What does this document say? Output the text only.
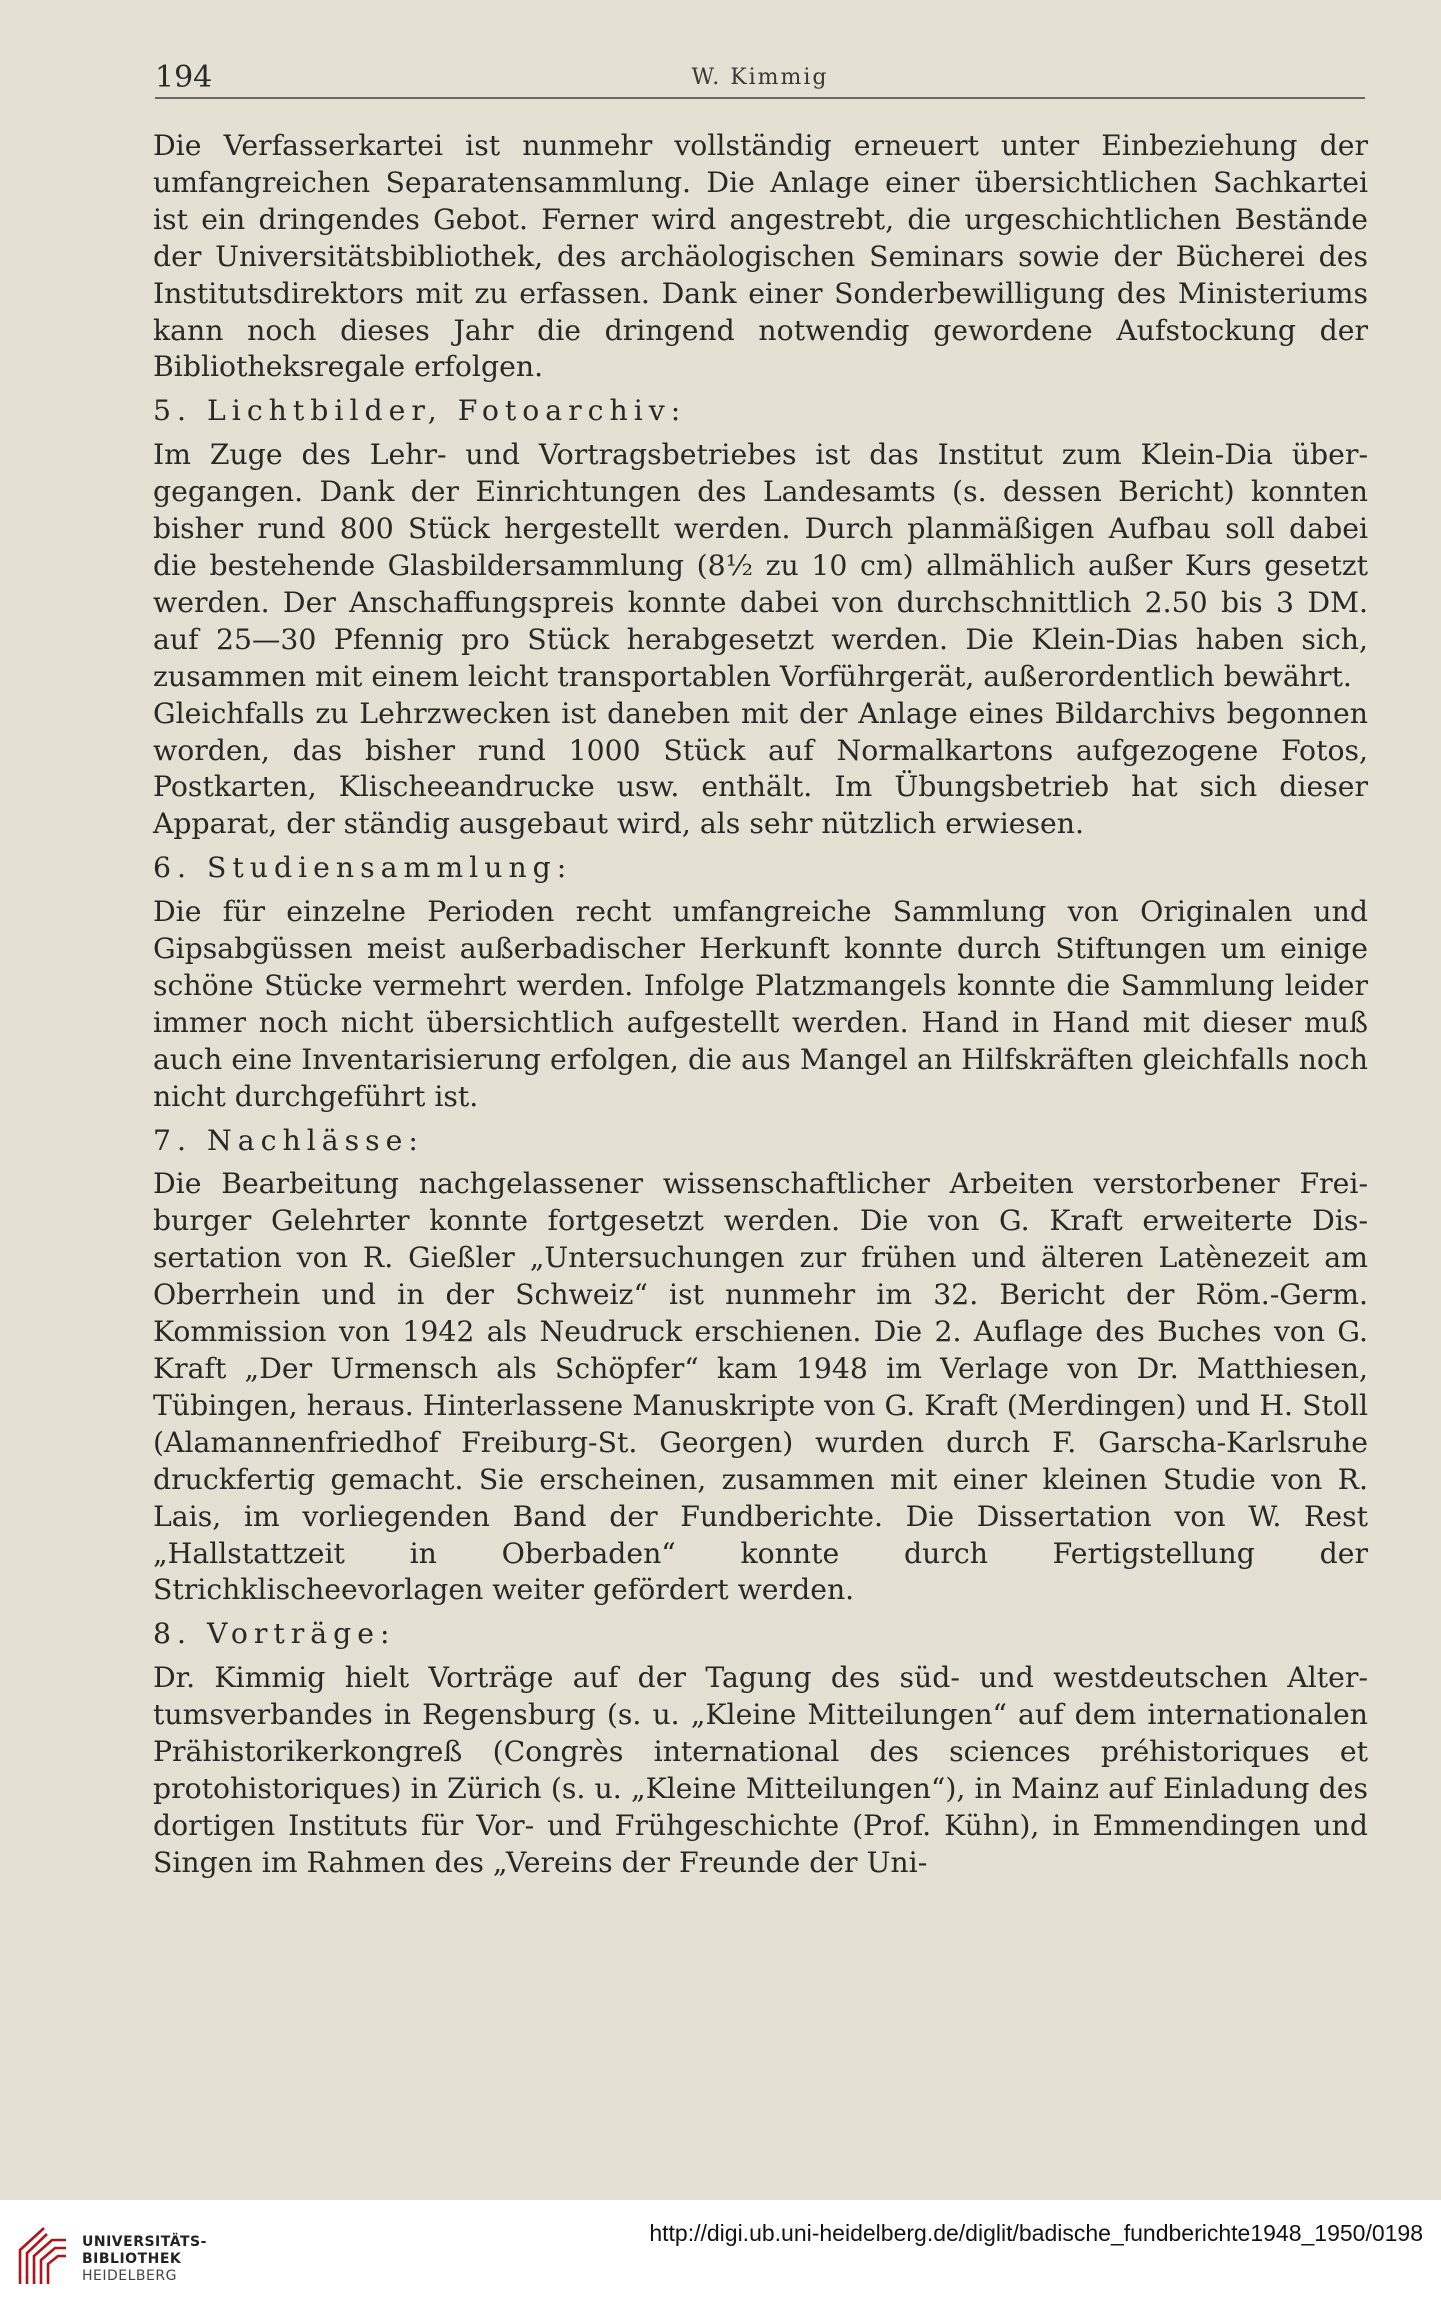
194	W. Kimmig

Die Verfasserkartei ist nunmehr vollständig erneuert unter Einbeziehung der umfangreichen Separatensammlung. Die Anlage einer übersichtlichen Sachkartei ist ein dringendes Gebot. Ferner wird angestrebt, die urgeschichtlichen Bestände der Universitätsbibliothek, des archäologischen Seminars sowie der Bücherei des Institutsdirektors mit zu erfassen. Dank einer Sonderbewilligung des Ministeriums kann noch dieses Jahr die dringend notwendig gewordene Aufstockung der Bibliotheksregale erfolgen.

5. Lichtbilder, Fotoarchiv:

Im Zuge des Lehr- und Vortragsbetriebes ist das Institut zum Klein-Dia übergegangen. Dank der Einrichtungen des Landesamts (s. dessen Bericht) konnten bisher rund 800 Stück hergestellt werden. Durch planmäßigen Aufbau soll dabei die bestehende Glasbildersammlung (8½ zu 10 cm) allmählich außer Kurs gesetzt werden. Der Anschaffungspreis konnte dabei von durchschnittlich 2.50 bis 3 DM. auf 25—30 Pfennig pro Stück herabgesetzt werden. Die Klein-Dias haben sich, zusammen mit einem leicht transportablen Vorführgerät, außerordentlich bewährt.

Gleichfalls zu Lehrzwecken ist daneben mit der Anlage eines Bildarchivs begonnen worden, das bisher rund 1000 Stück auf Normalkartons aufgezogene Fotos, Postkarten, Klischeeandrucke usw. enthält. Im Übungsbetrieb hat sich dieser Apparat, der ständig ausgebaut wird, als sehr nützlich erwiesen.

6. Studiensammlung:

Die für einzelne Perioden recht umfangreiche Sammlung von Originalen und Gipsabgüssen meist außerbadischer Herkunft konnte durch Stiftungen um einige schöne Stücke vermehrt werden. Infolge Platzmangels konnte die Sammlung leider immer noch nicht übersichtlich aufgestellt werden. Hand in Hand mit dieser muß auch eine Inventarisierung erfolgen, die aus Mangel an Hilfskräften gleichfalls noch nicht durchgeführt ist.

7. Nachlässe:

Die Bearbeitung nachgelassener wissenschaftlicher Arbeiten verstorbener Freiburger Gelehrter konnte fortgesetzt werden. Die von G. Kraft erweiterte Dissertation von R. Gießler „Untersuchungen zur frühen und älteren Latènezeit am Oberrhein und in der Schweiz“ ist nunmehr im 32. Bericht der Röm.-Germ. Kommission von 1942 als Neudruck erschienen. Die 2. Auflage des Buches von G. Kraft „Der Urmensch als Schöpfer“ kam 1948 im Verlage von Dr. Matthiesen, Tübingen, heraus. Hinterlassene Manuskripte von G. Kraft (Merdingen) und H. Stoll (Alamannenfriedhof Freiburg-St. Georgen) wurden durch F. Garscha-Karlsruhe druckfertig gemacht. Sie erscheinen, zusammen mit einer kleinen Studie von R. Lais, im vorliegenden Band der Fundberichte. Die Dissertation von W. Rest „Hallstattzeit in Oberbaden“ konnte durch Fertigstellung der Strichklischeevorlagen weiter gefördert werden.

8. Vorträge:

Dr. Kimmig hielt Vorträge auf der Tagung des süd- und westdeutschen Altertumsverbandes in Regensburg (s. u. „Kleine Mitteilungen“ auf dem internationalen Prähistorikerkongreß (Congrès international des sciences préhistoriques et protohistoriques) in Zürich (s. u. „Kleine Mitteilungen“), in Mainz auf Einladung des dortigen Instituts für Vor- und Frühgeschichte (Prof. Kühn), in Emmendingen und Singen im Rahmen des „Vereins der Freunde der Uni-

UNIVERSITÄTS-
BIBLIOTHEK
HEIDELBERG
http://digi.ub.uni-heidelberg.de/diglit/badische_fundberichte1948_1950/0198
